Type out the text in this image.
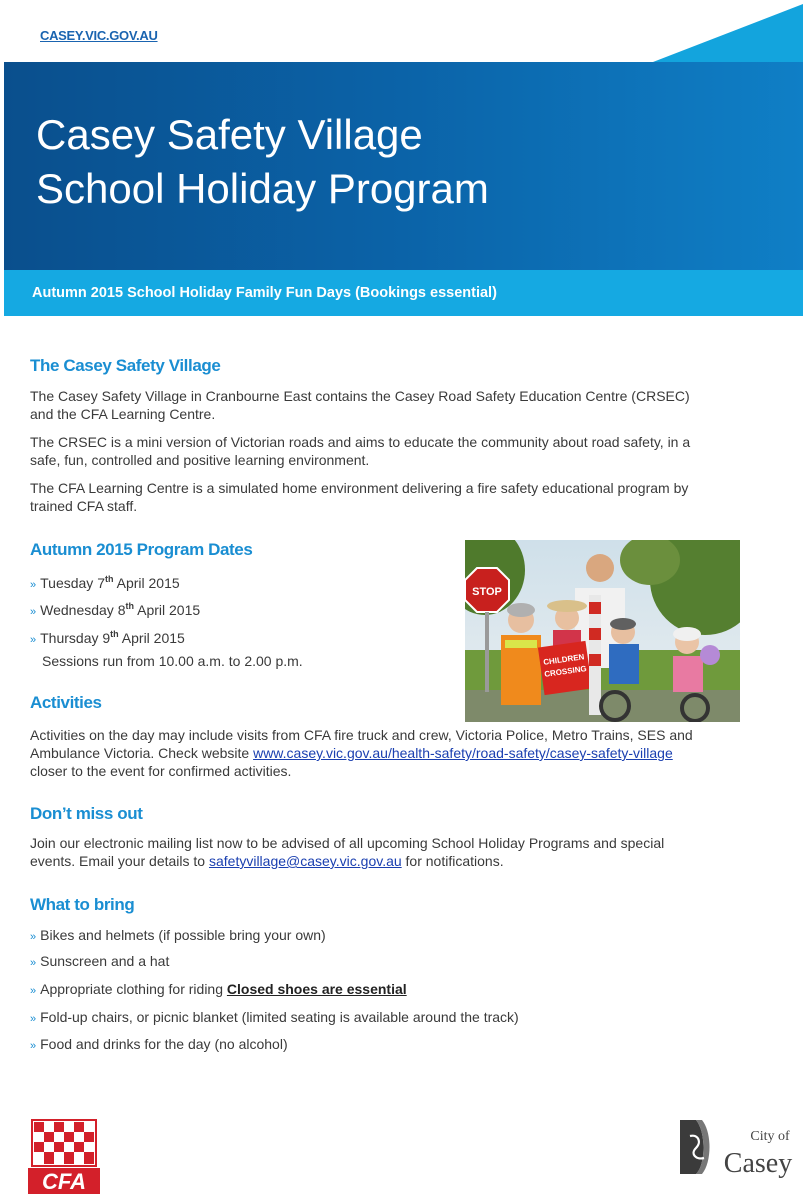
CASEY.VIC.GOV.AU
Casey Safety Village
School Holiday Program
Autumn 2015 School Holiday Family Fun Days (Bookings essential)
The Casey Safety Village
The Casey Safety Village in Cranbourne East contains the Casey Road Safety Education Centre (CRSEC) and the CFA Learning Centre.
The CRSEC is a mini version of Victorian roads and aims to educate the community about road safety, in a safe, fun, controlled and positive learning environment.
The CFA Learning Centre is a simulated home environment delivering a fire safety educational program by trained CFA staff.
Autumn 2015 Program Dates
» Tuesday 7th April 2015
» Wednesday 8th April 2015
» Thursday 9th April 2015
Sessions run from 10.00 a.m. to 2.00 p.m.
STOP
CHILDREN
CROSSING
Activities
Activities on the day may include visits from CFA fire truck and crew, Victoria Police, Metro Trains, SES and Ambulance Victoria. Check website www.casey.vic.gov.au/health-safety/road-safety/casey-safety-village closer to the event for confirmed activities.
Don’t miss out
Join our electronic mailing list now to be advised of all upcoming School Holiday Programs and special events. Email your details to safetyvillage@casey.vic.gov.au for notifications.
What to bring
» Bikes and helmets (if possible bring your own)
» Sunscreen and a hat
» Appropriate clothing for riding Closed shoes are essential
» Fold-up chairs, or picnic blanket (limited seating is available around the track)
» Food and drinks for the day (no alcohol)
CFA
City of
Casey
